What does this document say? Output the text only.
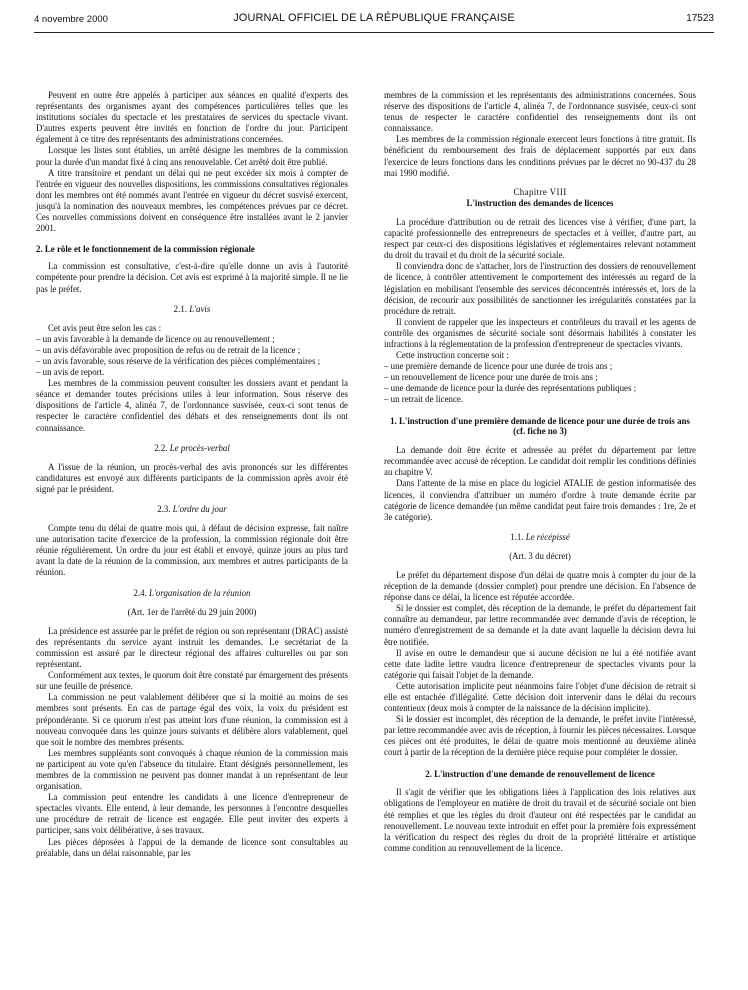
4 novembre 2000	JOURNAL OFFICIEL DE LA RÉPUBLIQUE FRANÇAISE	17523

Peuvent en outre être appelés à participer aux séances en qualité d'experts des représentants des organismes ayant des compétences particulières telles que les institutions sociales du spectacle et les prestataires de services du spectacle vivant. D'autres experts peuvent être invités en fonction de l'ordre du jour. Participent également à ce titre des représentants des administrations concernées.

Lorsque les listes sont établies, un arrêté désigne les membres de la commission pour la durée d'un mandat fixé à cinq ans renouvelable. Cet arrêté doit être publié.

A titre transitoire et pendant un délai qui ne peut excéder six mois à compter de l'entrée en vigueur des nouvelles dispositions, les commissions consultatives régionales dont les membres ont été nommés avant l'entrée en vigueur du décret susvisé exercent, jusqu'à la nomination des nouveaux membres, les compétences prévues par ce décret. Ces nouvelles commissions doivent en conséquence être installées avant le 2 janvier 2001.

2. Le rôle et le fonctionnement de la commission régionale

La commission est consultative, c'est-à-dire qu'elle donne un avis à l'autorité compétente pour prendre la décision. Cet avis est exprimé à la majorité simple. Il ne lie pas le préfet.

2.1. L'avis

Cet avis peut être selon les cas :

– un avis favorable à la demande de licence ou au renouvellement ;

– un avis défavorable avec proposition de refus ou de retrait de la licence ;

– un avis favorable, sous réserve de la vérification des pièces complémentaires ;

– un avis de report.

Les membres de la commission peuvent consulter les dossiers avant et pendant la séance et demander toutes précisions utiles à leur information. Sous réserve des dispositions de l'article 4, alinéa 7, de l'ordonnance susvisée, ceux-ci sont tenus de respecter le caractère confidentiel des débats et des renseignements dont ils ont connaissance.

2.2. Le procès-verbal

A l'issue de la réunion, un procès-verbal des avis prononcés sur les différentes candidatures est envoyé aux différents participants de la commission après avoir été signé par le président.

2.3. L'ordre du jour

Compte tenu du délai de quatre mois qui, à défaut de décision expresse, fait naître une autorisation tacite d'exercice de la profession, la commission régionale doit être réunie régulièrement. Un ordre du jour est établi et envoyé, quinze jours au plus tard avant la date de la réunion de la commission, aux membres et autres participants de la réunion.

2.4. L'organisation de la réunion

(Art. 1er de l'arrêté du 29 juin 2000)

La présidence est assurée par le préfet de région ou son représentant (DRAC) assisté des représentants du service ayant instruit les demandes. Le secrétariat de la commission est assuré par le directeur régional des affaires culturelles ou par son représentant.

Conformément aux textes, le quorum doit être constaté par émargement des présents sur une feuille de présence.

La commission ne peut valablement délibérer que si la moitié au moins de ses membres sont présents. En cas de partage égal des voix, la voix du président est prépondérante. Si ce quorum n'est pas atteint lors d'une réunion, la commission est à nouveau convoquée dans les quinze jours suivants et délibère alors valablement, quel que soit le nombre des membres présents.

Les membres suppléants sont convoqués à chaque réunion de la commission mais ne participent au vote qu'en l'absence du titulaire. Etant désignés personnellement, les membres de la commission ne peuvent pas donner mandat à un représentant de leur organisation.

La commission peut entendre les candidats à une licence d'entrepreneur de spectacles vivants. Elle entend, à leur demande, les personnes à l'encontre desquelles une procédure de retrait de licence est engagée. Elle peut inviter des experts à participer, sans voix délibérative, à ses travaux.

Les pièces déposées à l'appui de la demande de licence sont consultables au préalable, dans un délai raisonnable, par les

membres de la commission et les représentants des administrations concernées. Sous réserve des dispositions de l'article 4, alinéa 7, de l'ordonnance susvisée, ceux-ci sont tenus de respecter le caractère confidentiel des renseignements dont ils ont connaissance.

Les membres de la commission régionale exercent leurs fonctions à titre gratuit. Ils bénéficient du remboursement des frais de déplacement supportés par eux dans l'exercice de leurs fonctions dans les conditions prévues par le décret no 90-437 du 28 mai 1990 modifié.

Chapitre VIII

L'instruction des demandes de licences

La procédure d'attribution ou de retrait des licences vise à vérifier, d'une part, la capacité professionnelle des entrepreneurs de spectacles et à veiller, d'autre part, au respect par ceux-ci des dispositions législatives et réglementaires relevant notamment du droit du travail et du droit de la sécurité sociale.

Il conviendra donc de s'attacher, lors de l'instruction des dossiers de renouvellement de licence, à contrôler attentivement le comportement des intéressés au regard de la législation en mobilisant l'ensemble des services déconcentrés intéressés et, lors de la décision, de recourir aux possibilités de sanctionner les irrégularités constatées par la procédure de retrait.

Il convient de rappeler que les inspecteurs et contrôleurs du travail et les agents de contrôle des organismes de sécurité sociale sont désormais habilités à constater les infractions à la réglementation de la profession d'entrepreneur de spectacles vivants.

Cette instruction concerne soit :

– une première demande de licence pour une durée de trois ans ;

– un renouvellement de licence pour une durée de trois ans ;

– une demande de licence pour la durée des représentations publiques ;

– un retrait de licence.

1. L'instruction d'une première demande de licence pour une durée de trois ans (cf. fiche no 3)

La demande doit être écrite et adressée au préfet du département par lettre recommandée avec accusé de réception. Le candidat doit remplir les conditions définies au chapitre V.

Dans l'attente de la mise en place du logiciel ATALIE de gestion informatisée des licences, il conviendra d'attribuer un numéro d'ordre à toute demande écrite par catégorie de licence demandée (un même candidat peut faire trois demandes : 1re, 2e et 3e catégorie).

1.1. Le récépissé

(Art. 3 du décret)

Le préfet du département dispose d'un délai de quatre mois à compter du jour de la réception de la demande (dossier complet) pour prendre une décision. En l'absence de réponse dans ce délai, la licence est réputée accordée.

Si le dossier est complet, dès réception de la demande, le préfet du département fait connaître au demandeur, par lettre recommandée avec demande d'avis de réception, le numéro d'enregistrement de sa demande et la date avant laquelle la décision devra lui être notifiée.

Il avise en outre le demandeur que si aucune décision ne lui a été notifiée avant cette date ladite lettre vaudra licence d'entrepreneur de spectacles vivants pour la catégorie qui faisait l'objet de la demande.

Cette autorisation implicite peut néanmoins faire l'objet d'une décision de retrait si elle est entachée d'illégalité. Cette décision doit intervenir dans le délai du recours contentieux (deux mois à compter de la naissance de la décision implicite).

Si le dossier est incomplet, dès réception de la demande, le préfet invite l'intéressé, par lettre recommandée avec avis de réception, à fournir les pièces nécessaires. Lorsque ces pièces ont été produites, le délai de quatre mois mentionné au deuxième alinéa court à partir de la réception de la dernière pièce requise pour compléter le dossier.

2. L'instruction d'une demande de renouvellement de licence

Il s'agit de vérifier que les obligations liées à l'application des lois relatives aux obligations de l'employeur en matière de droit du travail et de sécurité sociale ont bien été remplies et que les règles du droit d'auteur ont été respectées par le candidat au renouvellement. Le nouveau texte introduit en effet pour la première fois expressément la vérification du respect des règles du droit de la propriété littéraire et artistique comme condition au renouvellement de la licence.
